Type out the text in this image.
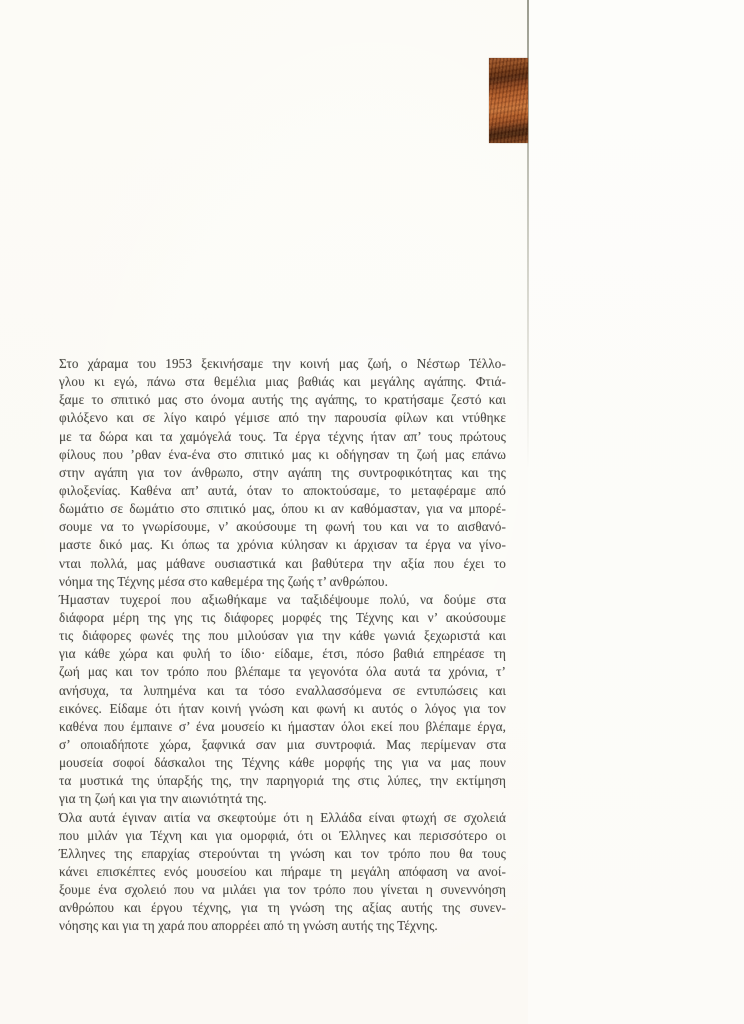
Στο χάραμα του 1953 ξεκινήσαμε την κοινή μας ζωή, ο Νέστωρ Τέλλο-
γλου κι εγώ, πάνω στα θεμέλια μιας βαθιάς και μεγάλης αγάπης. Φτιά-
ξαμε το σπιτικό μας στο όνομα αυτής της αγάπης, το κρατήσαμε ζεστό και
φιλόξενο και σε λίγο καιρό γέμισε από την παρουσία φίλων και ντύθηκε
με τα δώρα και τα χαμόγελά τους. Τα έργα τέχνης ήταν απ’ τους πρώτους
φίλους που ’ρθαν ένα-ένα στο σπιτικό μας κι οδήγησαν τη ζωή μας επάνω
στην αγάπη για τον άνθρωπο, στην αγάπη της συντροφικότητας και της
φιλοξενίας. Καθένα απ’ αυτά, όταν το αποκτούσαμε, το μεταφέραμε από
δωμάτιο σε δωμάτιο στο σπιτικό μας, όπου κι αν καθόμασταν, για να μπορέ-
σουμε να το γνωρίσουμε, ν’ ακούσουμε τη φωνή του και να το αισθανό-
μαστε δικό μας. Κι όπως τα χρόνια κύλησαν κι άρχισαν τα έργα να γίνο-
νται πολλά, μας μάθανε ουσιαστικά και βαθύτερα την αξία που έχει το
νόημα της Τέχνης μέσα στο καθεμέρα της ζωής τ’ ανθρώπου.
Ήμασταν τυχεροί που αξιωθήκαμε να ταξιδέψουμε πολύ, να δούμε στα
διάφορα μέρη της γης τις διάφορες μορφές της Τέχνης και ν’ ακούσουμε
τις διάφορες φωνές της που μιλούσαν για την κάθε γωνιά ξεχωριστά και
για κάθε χώρα και φυλή το ίδιο· είδαμε, έτσι, πόσο βαθιά επηρέασε τη
ζωή μας και τον τρόπο που βλέπαμε τα γεγονότα όλα αυτά τα χρόνια, τ’
ανήσυχα, τα λυπημένα και τα τόσο εναλλασσόμενα σε εντυπώσεις και
εικόνες. Είδαμε ότι ήταν κοινή γνώση και φωνή κι αυτός ο λόγος για τον
καθένα που έμπαινε σ’ ένα μουσείο κι ήμασταν όλοι εκεί που βλέπαμε έργα,
σ’ οποιαδήποτε χώρα, ξαφνικά σαν μια συντροφιά. Μας περίμεναν στα
μουσεία σοφοί δάσκαλοι της Τέχνης κάθε μορφής της για να μας πουν
τα μυστικά της ύπαρξής της, την παρηγοριά της στις λύπες, την εκτίμηση
για τη ζωή και για την αιωνιότητά της.
Όλα αυτά έγιναν αιτία να σκεφτούμε ότι η Ελλάδα είναι φτωχή σε σχολειά
που μιλάν για Τέχνη και για ομορφιά, ότι οι Έλληνες και περισσότερο οι
Έλληνες της επαρχίας στερούνται τη γνώση και τον τρόπο που θα τους
κάνει επισκέπτες ενός μουσείου και πήραμε τη μεγάλη απόφαση να ανοί-
ξουμε ένα σχολειό που να μιλάει για τον τρόπο που γίνεται η συνεννόηση
ανθρώπου και έργου τέχνης, για τη γνώση της αξίας αυτής της συνεν-
νόησης και για τη χαρά που απορρέει από τη γνώση αυτής της Τέχνης.
